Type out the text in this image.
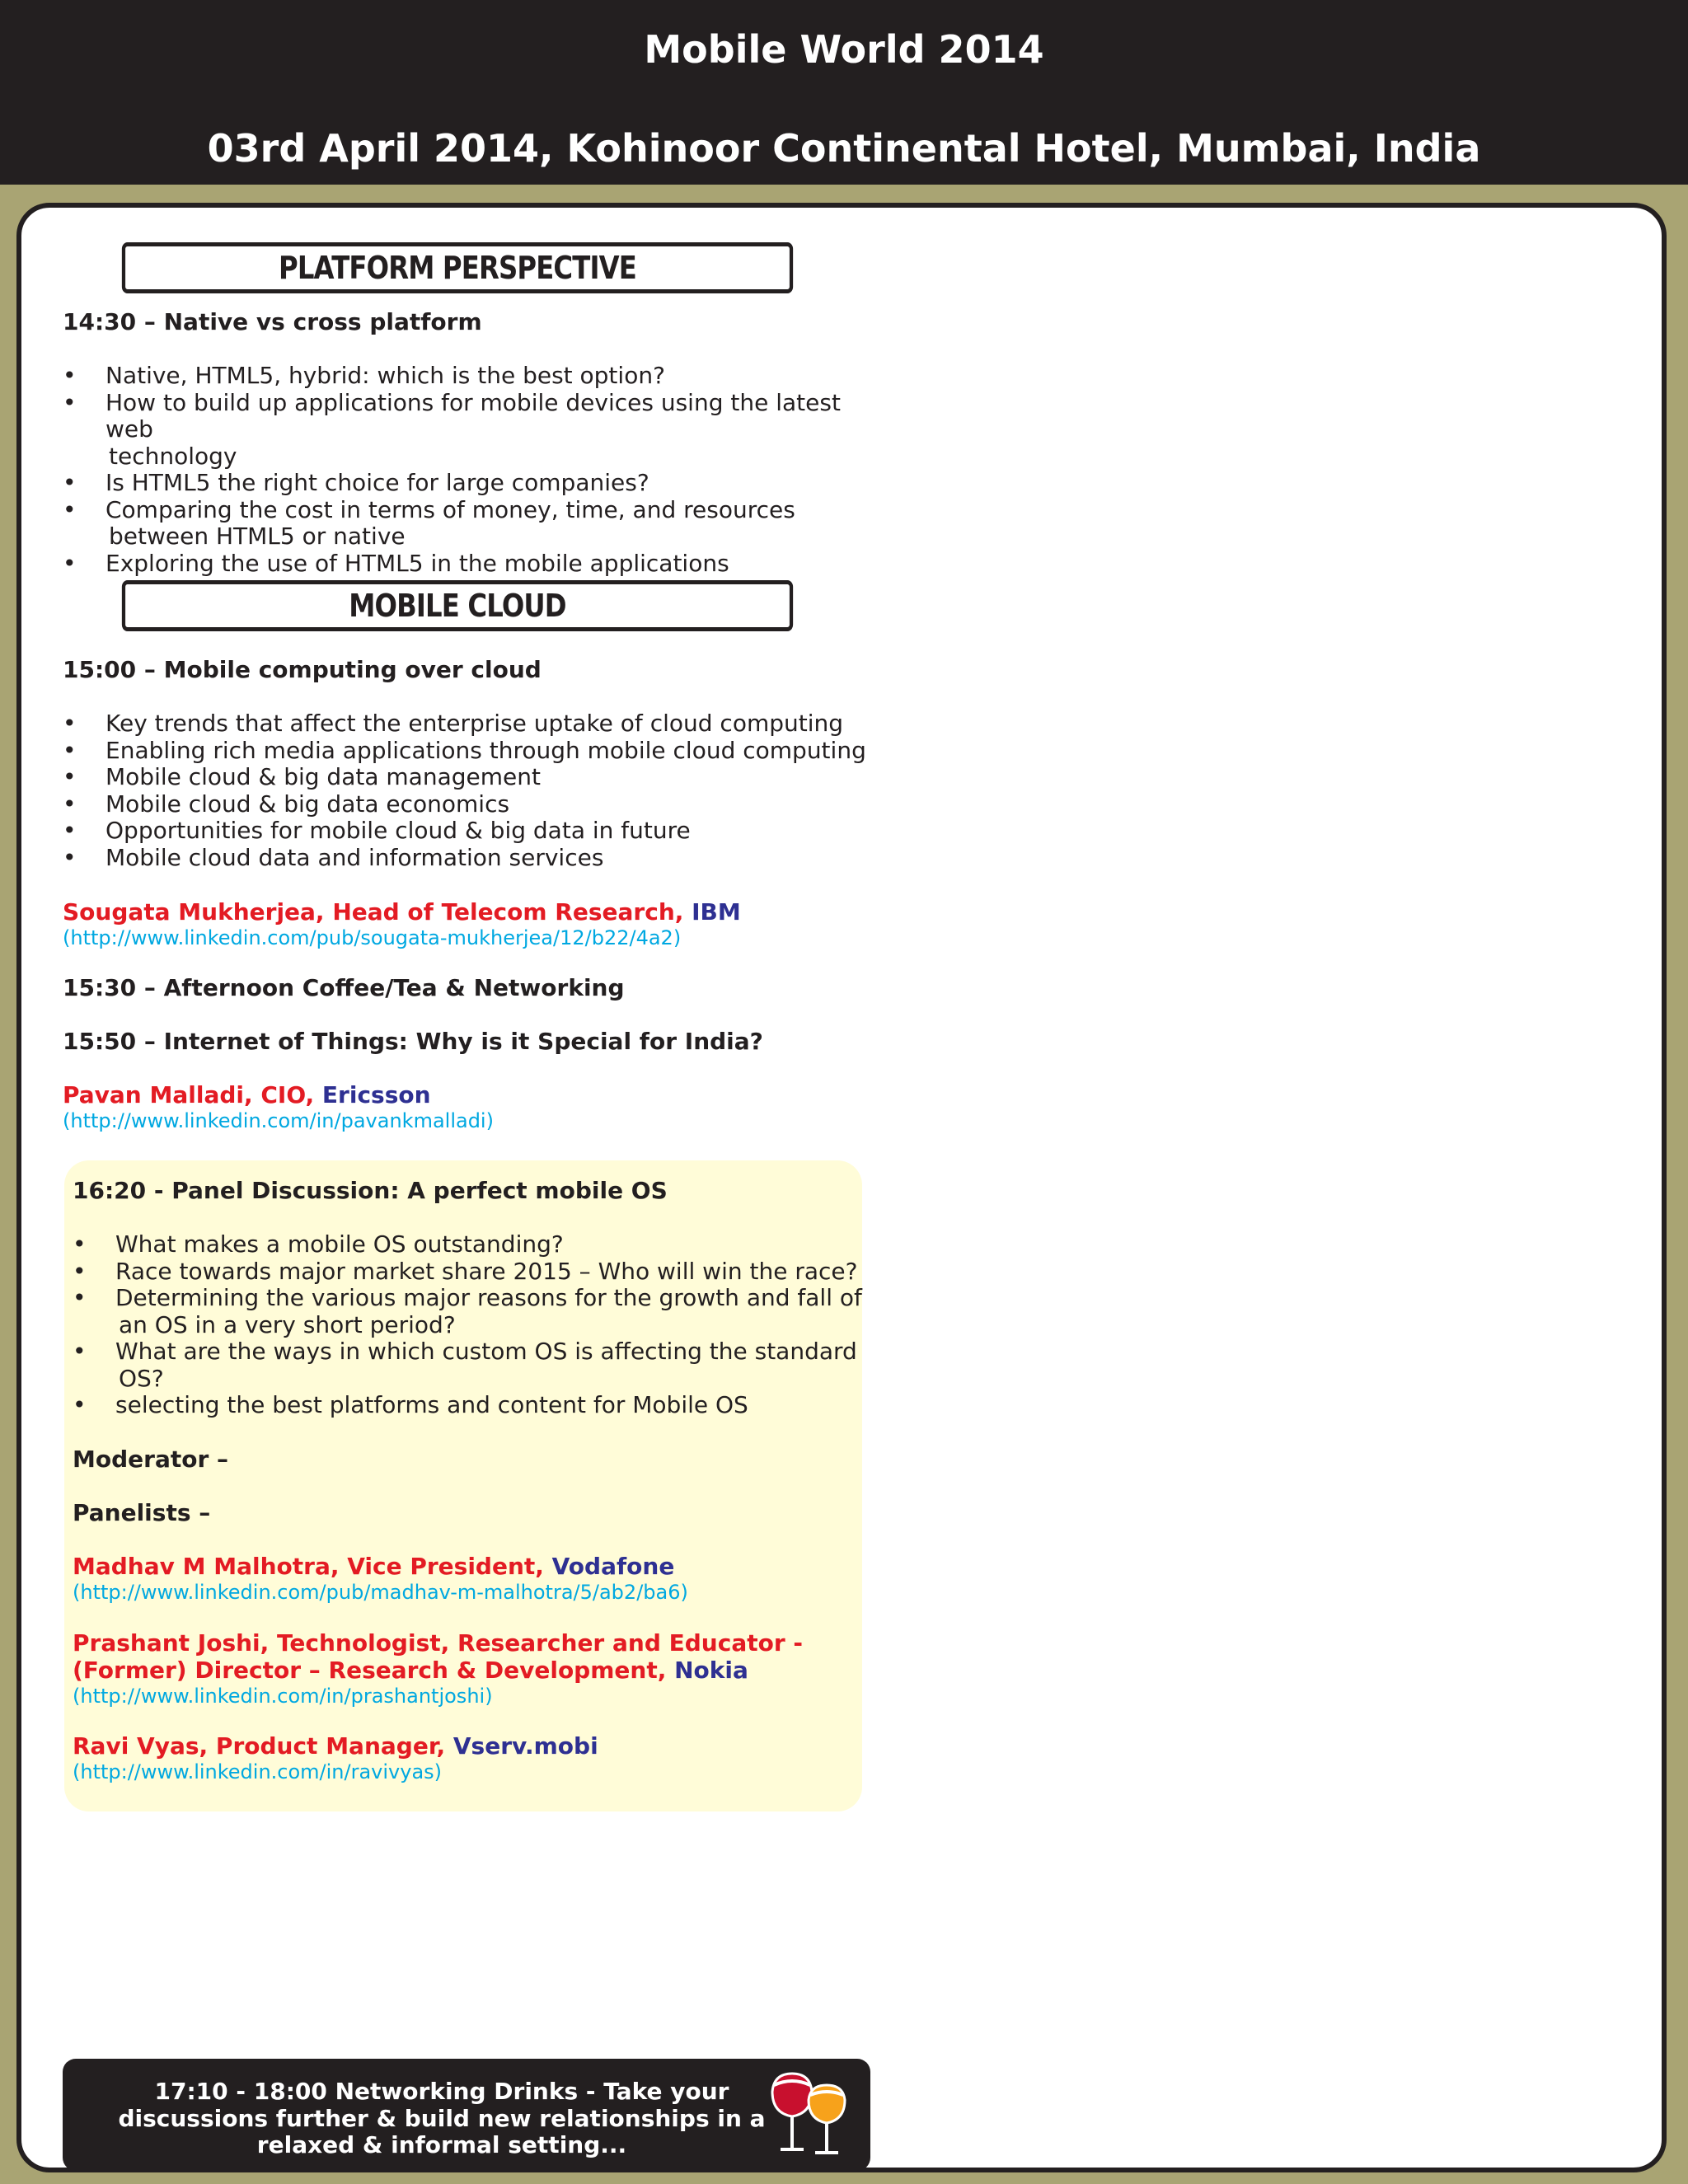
Mobile World 2014
03rd April 2014, Kohinoor Continental Hotel, Mumbai, India
PLATFORM PERSPECTIVE
14:30 – Native vs cross platform
• Native, HTML5, hybrid: which is the best option?
• How to build up applications for mobile devices using the latest web
technology
• Is HTML5 the right choice for large companies?
• Comparing the cost in terms of money, time, and resources
between HTML5 or native
• Exploring the use of HTML5 in the mobile applications
MOBILE CLOUD
15:00 – Mobile computing over cloud
• Key trends that affect the enterprise uptake of cloud computing
• Enabling rich media applications through mobile cloud computing
• Mobile cloud & big data management
• Mobile cloud & big data economics
• Opportunities for mobile cloud & big data in future
• Mobile cloud data and information services
Sougata Mukherjea, Head of Telecom Research, IBM
(http://www.linkedin.com/pub/sougata-mukherjea/12/b22/4a2)
15:30 – Afternoon Coffee/Tea & Networking
15:50 – Internet of Things: Why is it Special for India?
Pavan Malladi, CIO, Ericsson
(http://www.linkedin.com/in/pavankmalladi)
16:20 - Panel Discussion: A perfect mobile OS
• What makes a mobile OS outstanding?
• Race towards major market share 2015 – Who will win the race?
• Determining the various major reasons for the growth and fall of
an OS in a very short period?
• What are the ways in which custom OS is affecting the standard
OS?
• selecting the best platforms and content for Mobile OS
Moderator –
Panelists –
Madhav M Malhotra, Vice President, Vodafone
(http://www.linkedin.com/pub/madhav-m-malhotra/5/ab2/ba6)
Prashant Joshi, Technologist, Researcher and Educator -
(Former) Director – Research & Development, Nokia
(http://www.linkedin.com/in/prashantjoshi)
Ravi Vyas, Product Manager, Vserv.mobi
(http://www.linkedin.com/in/ravivyas)
17:10 - 18:00 Networking Drinks - Take your
discussions further & build new relationships in a
relaxed & informal setting...
